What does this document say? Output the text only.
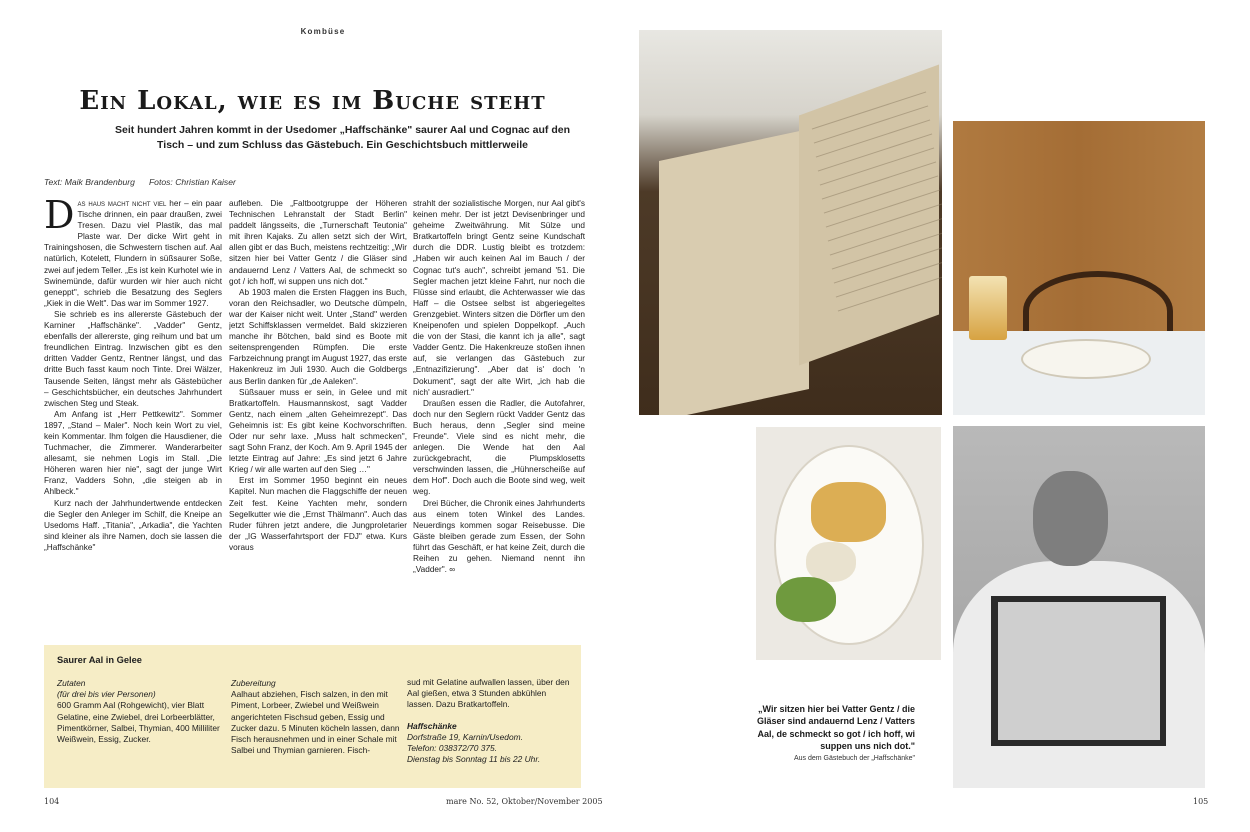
Kombüse
Ein Lokal, wie es im Buche steht
Seit hundert Jahren kommt in der Usedomer „Haffschänke" saurer Aal und Cognac auf den Tisch – und zum Schluss das Gästebuch. Ein Geschichtsbuch mittlerweile
Text: Maik Brandenburg Fotos: Christian Kaiser

Das haus macht nicht viel her – ein paar Tische drinnen, ein paar draußen, zwei Tresen. Dazu viel Plastik, das mal Plaste war. Der dicke Wirt geht in Trainingshosen, die Schwestern tischen auf. Aal natürlich, Kotelett, Flundern in süßsaurer Soße, zwei auf jedem Teller. „Es ist kein Kurhotel wie in Swinemünde, dafür wurden wir hier auch nicht geneppt", schrieb die Besatzung des Seglers „Kiek in die Welt". Das war im Sommer 1927.

Sie schrieb es ins allererste Gästebuch der Karniner „Haffschänke". „Vadder" Gentz, ebenfalls der allererste, ging reihum und bat um freundlichen Eintrag. Inzwischen gibt es den dritten Vadder Gentz, Rentner längst, und das dritte Buch fasst kaum noch Tinte. Drei Wälzer, Tausende Seiten, längst mehr als Gästebücher – Geschichtsbücher, ein deutsches Jahrhundert zwischen Steg und Steak.

Am Anfang ist „Herr Pettkewitz". Sommer 1897, „Stand – Maler". Noch kein Wort zu viel, kein Kommentar. Ihm folgen die Hausdiener, die Tuchmacher, die Zimmerer. Wanderarbeiter allesamt, sie nehmen Logis im Stall. „Die Höheren waren hier nie", sagt der junge Wirt Franz, Vadders Sohn, „die steigen ab in Ahlbeck."

Kurz nach der Jahrhundertwende entdecken die Segler den Anleger im Schilf, die Kneipe an Usedoms Haff. „Titania", „Arkadia", die Yachten sind kleiner als ihre Namen, doch sie lassen die „Haffschänke"

aufleben. Die „Faltbootgruppe der Höheren Technischen Lehranstalt der Stadt Berlin" paddelt längsseits, die „Turnerschaft Teutonia" mit ihren Kajaks. Zu allen setzt sich der Wirt, allen gibt er das Buch, meistens rechtzeitig: „Wir sitzen hier bei Vatter Gentz / die Gläser sind andauernd Lenz / Vatters Aal, de schmeckt so got / ich hoff, wi suppen uns nich dot."

Ab 1903 malen die Ersten Flaggen ins Buch, voran den Reichsadler, wo Deutsche dümpeln, war der Kaiser nicht weit. Unter „Stand" werden jetzt Schiffsklassen vermeldet. Bald skizzieren manche ihr Bötchen, bald sind es Boote mit seitensprengenden Rümpfen. Die erste Farbzeichnung prangt im August 1927, das erste Hakenkreuz im Juli 1930. Auch die Goldbergs aus Berlin danken für „de Aaleken".

Süßsauer muss er sein, in Gelee und mit Bratkartoffeln. Hausmannskost, sagt Vadder Gentz, nach einem „alten Geheimrezept". Das Geheimnis ist: Es gibt keine Kochvorschriften. Oder nur sehr laxe. „Muss halt schmecken", sagt Sohn Franz, der Koch. Am 9. April 1945 der letzte Eintrag auf Jahre: „Es sind jetzt 6 Jahre Krieg / wir alle warten auf den Sieg …"

Erst im Sommer 1950 beginnt ein neues Kapitel. Nun machen die Flaggschiffe der neuen Zeit fest. Keine Yachten mehr, sondern Segelkutter wie die „Ernst Thälmann". Auch das Ruder führen jetzt andere, die Jungproletarier der „IG Wasserfahrtsport der FDJ" etwa. Kurs voraus

strahlt der sozialistische Morgen, nur Aal gibt's keinen mehr. Der ist jetzt Devisenbringer und geheime Zweitwährung. Mit Sülze und Bratkartoffeln bringt Gentz seine Kundschaft durch die DDR. Lustig bleibt es trotzdem: „Haben wir auch keinen Aal im Bauch / der Cognac tut's auch", schreibt jemand '51. Die Segler machen jetzt kleine Fahrt, nur noch die Flüsse sind erlaubt, die Achterwasser wie das Haff – die Ostsee selbst ist abgeriegeltes Grenzgebiet. Winters sitzen die Dörfler um den Kneipenofen und spielen Doppelkopf. „Auch die von der Stasi, die kannt ich ja alle", sagt Vadder Gentz. Die Hakenkreuze stoßen ihnen auf, sie verlangen das Gästebuch zur „Entnazifizierung". „Aber dat is' doch 'n Dokument", sagt der alte Wirt, „ich hab die nich' ausradiert."

Draußen essen die Radler, die Autofahrer, doch nur den Seglern rückt Vadder Gentz das Buch heraus, denn „Segler sind meine Freunde". Viele sind es nicht mehr, die anlegen. Die Wende hat den Aal zurückgebracht, die Plumpsklosetts verschwinden lassen, die „Hühnerscheiße auf dem Hof". Doch auch die Boote sind weg, weit weg.

Drei Bücher, die Chronik eines Jahrhunderts aus einem toten Winkel des Landes. Neuerdings kommen sogar Reisebusse. Die Gäste bleiben gerade zum Essen, der Sohn führt das Geschäft, er hat keine Zeit, durch die Reihen zu gehen. Niemand nennt ihn „Vadder". ∞

Saurer Aal in Gelee
Zutaten
(für drei bis vier Personen)
600 Gramm Aal (Rohgewicht), vier Blatt Gelatine, eine Zwiebel, drei Lorbeerblätter, Pimentkörner, Salbei, Thymian, 400 Milliliter Weißwein, Essig, Zucker.
Zubereitung
Aalhaut abziehen, Fisch salzen, in den mit Piment, Lorbeer, Zwiebel und Weißwein angerichteten Fischsud geben, Essig und Zucker dazu. 5 Minuten köcheln lassen, dann Fisch herausnehmen und in einer Schale mit Salbei und Thymian garnieren. Fisch-
sud mit Gelatine aufwallen lassen, über den Aal gießen, etwa 3 Stunden abkühlen lassen. Dazu Bratkartoffeln.
Haffschänke
Dorfstraße 19, Karnin/Usedom.
Telefon: 038372/70 375.
Dienstag bis Sonntag 11 bis 22 Uhr.
104	mare No. 52, Oktober/November 2005	105
„Wir sitzen hier bei Vatter Gentz / die Gläser sind andauernd Lenz / Vatters Aal, de schmeckt so got / ich hoff, wi suppen uns nich dot."
Aus dem Gästebuch der „Haffschänke"
